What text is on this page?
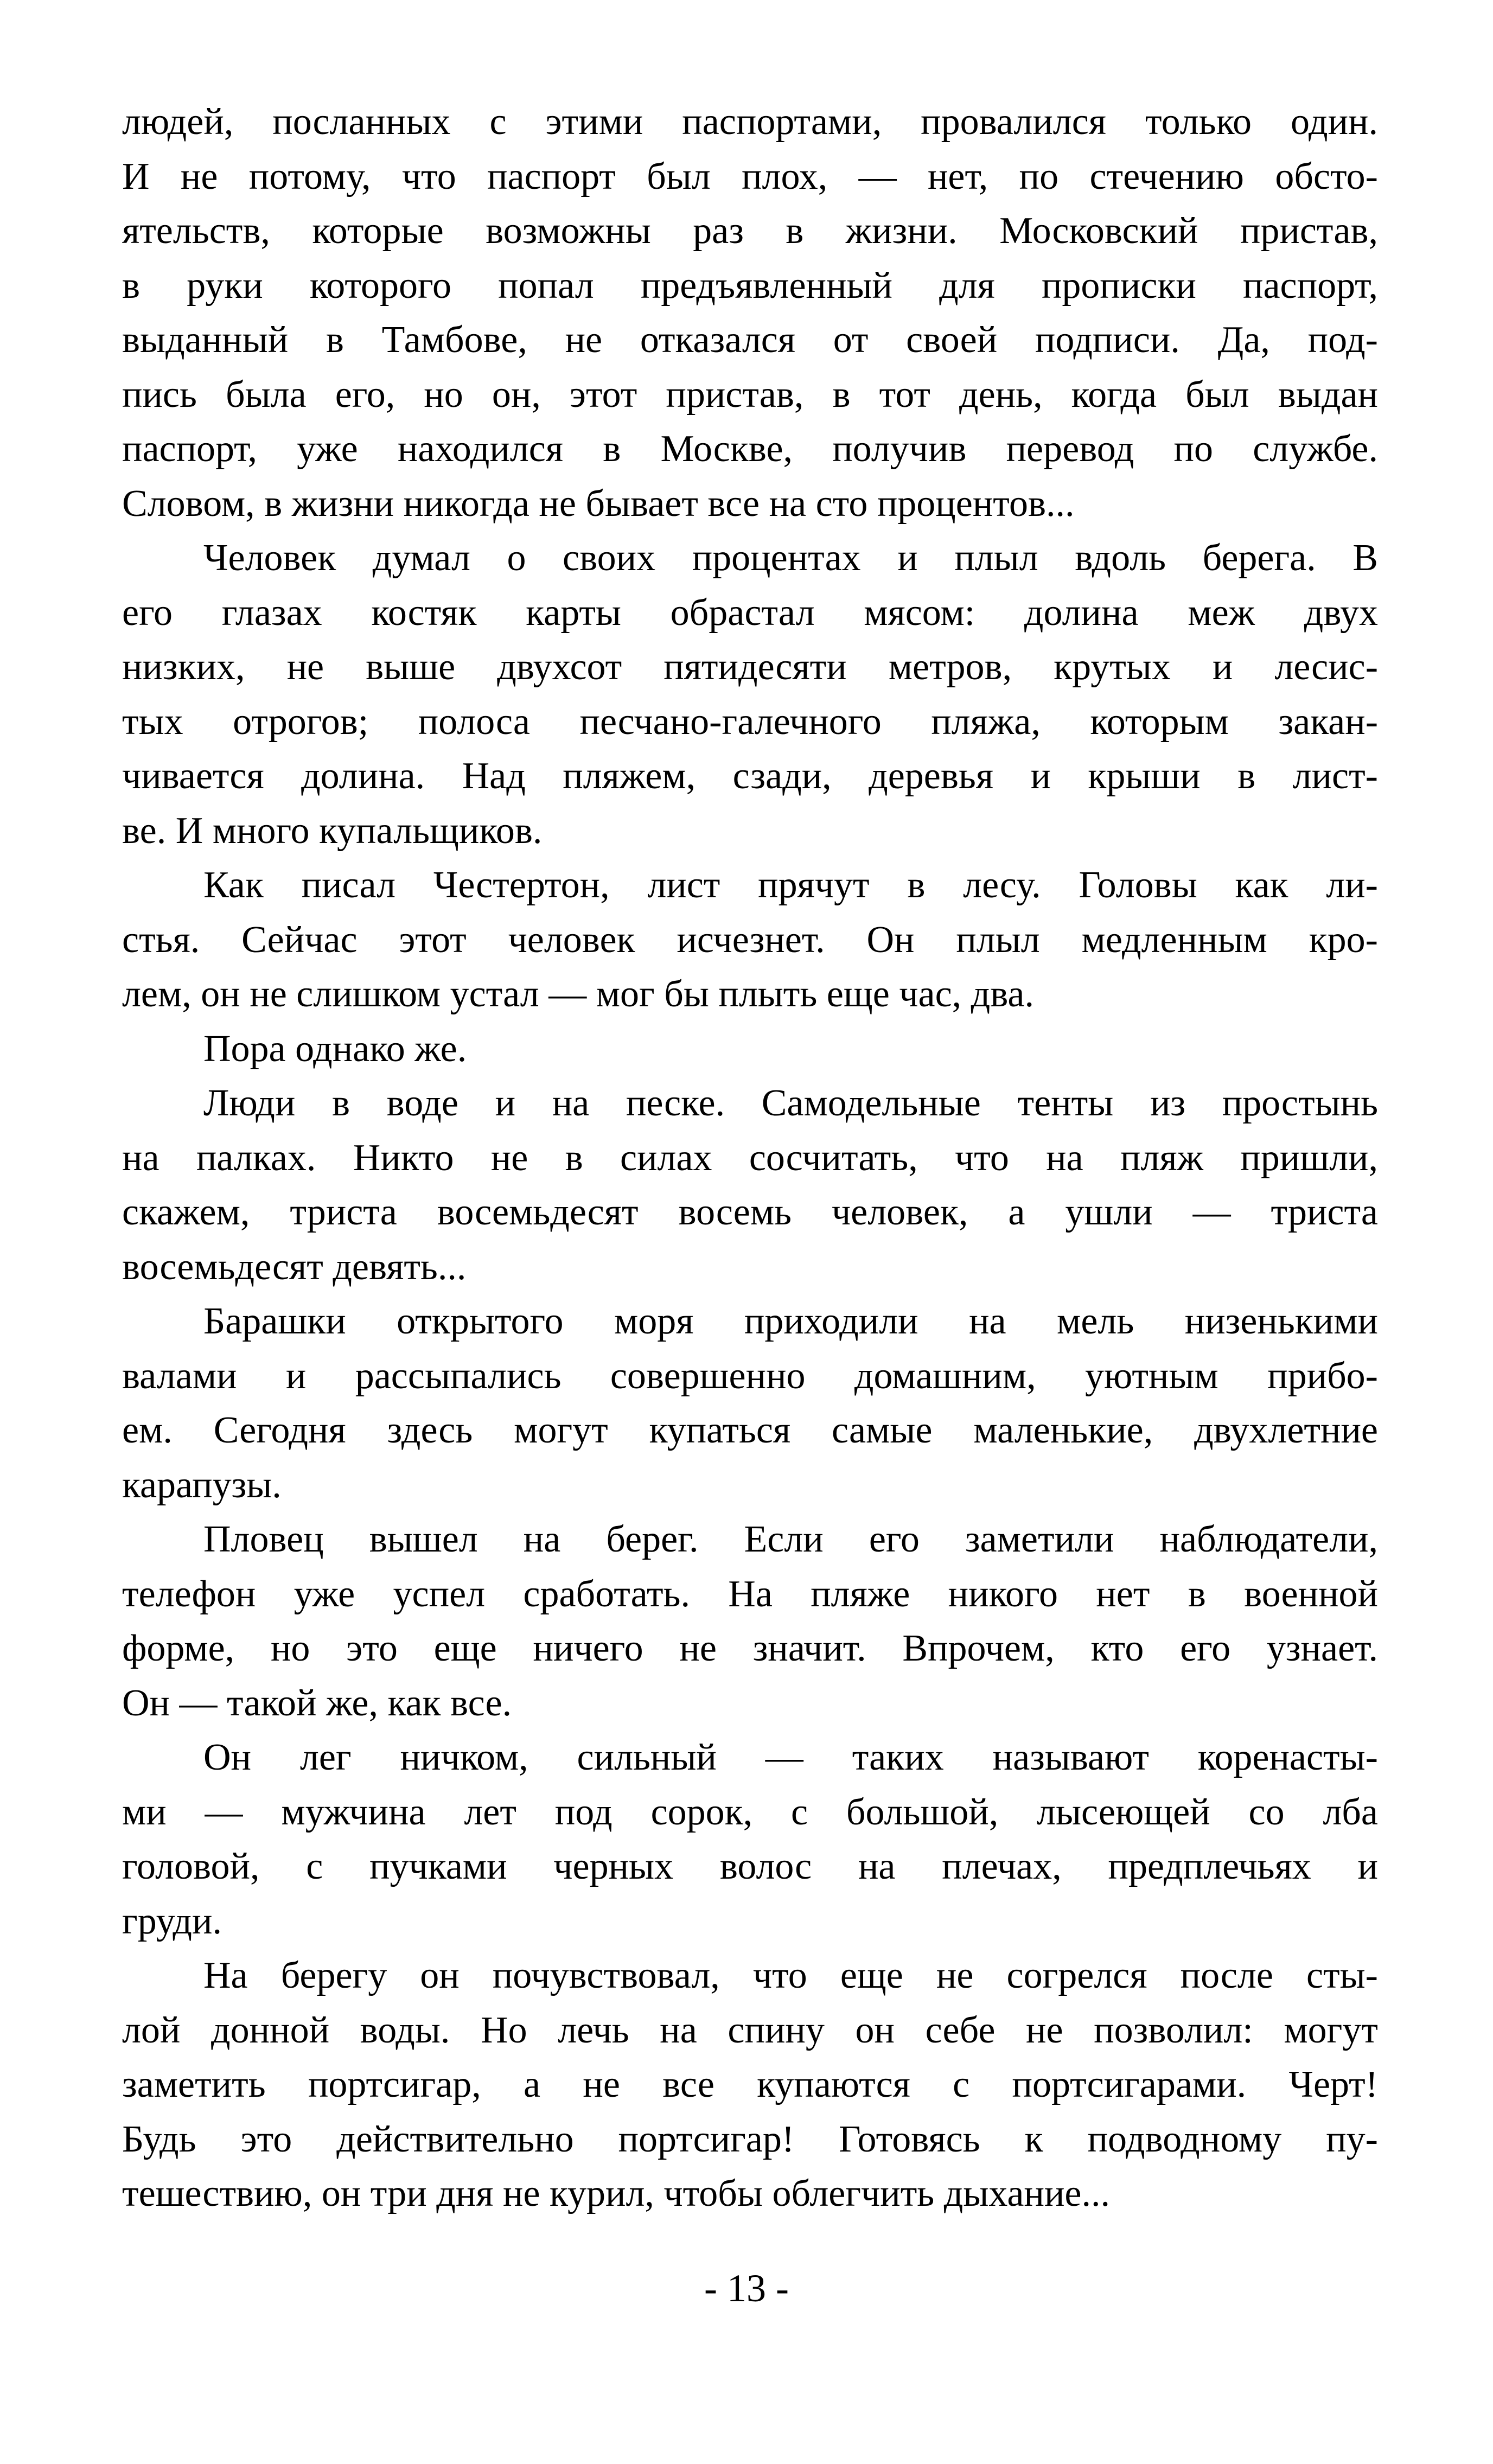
людей, посланных с этими паспортами, провалился только один.
И не потому, что паспорт был плох, — нет, по стечению обсто-
ятельств, которые возможны раз в жизни. Московский пристав,
в руки которого попал предъявленный для прописки паспорт,
выданный в Тамбове, не отказался от своей подписи. Да, под-
пись была его, но он, этот пристав, в тот день, когда был выдан
паспорт, уже находился в Москве, получив перевод по службе.
Словом, в жизни никогда не бывает все на сто процентов...
Человек думал о своих процентах и плыл вдоль берега. В
его глазах костяк карты обрастал мясом: долина меж двух
низких, не выше двухсот пятидесяти метров, крутых и лесис-
тых отрогов; полоса песчано-галечного пляжа, которым закан-
чивается долина. Над пляжем, сзади, деревья и крыши в лист-
ве. И много купальщиков.
Как писал Честертон, лист прячут в лесу. Головы как ли-
стья. Сейчас этот человек исчезнет. Он плыл медленным кро-
лем, он не слишком устал — мог бы плыть еще час, два.
Пора однако же.
Люди в воде и на песке. Самодельные тенты из простынь
на палках. Никто не в силах сосчитать, что на пляж пришли,
скажем, триста восемьдесят восемь человек, а ушли — триста
восемьдесят девять...
Барашки открытого моря приходили на мель низенькими
валами и рассыпались совершенно домашним, уютным прибо-
ем. Сегодня здесь могут купаться самые маленькие, двухлетние
карапузы.
Пловец вышел на берег. Если его заметили наблюдатели,
телефон уже успел сработать. На пляже никого нет в военной
форме, но это еще ничего не значит. Впрочем, кто его узнает.
Он — такой же, как все.
Он лег ничком, сильный — таких называют коренасты-
ми — мужчина лет под сорок, с большой, лысеющей со лба
головой, с пучками черных волос на плечах, предплечьях и
груди.
На берегу он почувствовал, что еще не согрелся после сты-
лой донной воды. Но лечь на спину он себе не позволил: могут
заметить портсигар, а не все купаются с портсигарами. Черт!
Будь это действительно портсигар! Готовясь к подводному пу-
тешествию, он три дня не курил, чтобы облегчить дыхание...
- 13 -
